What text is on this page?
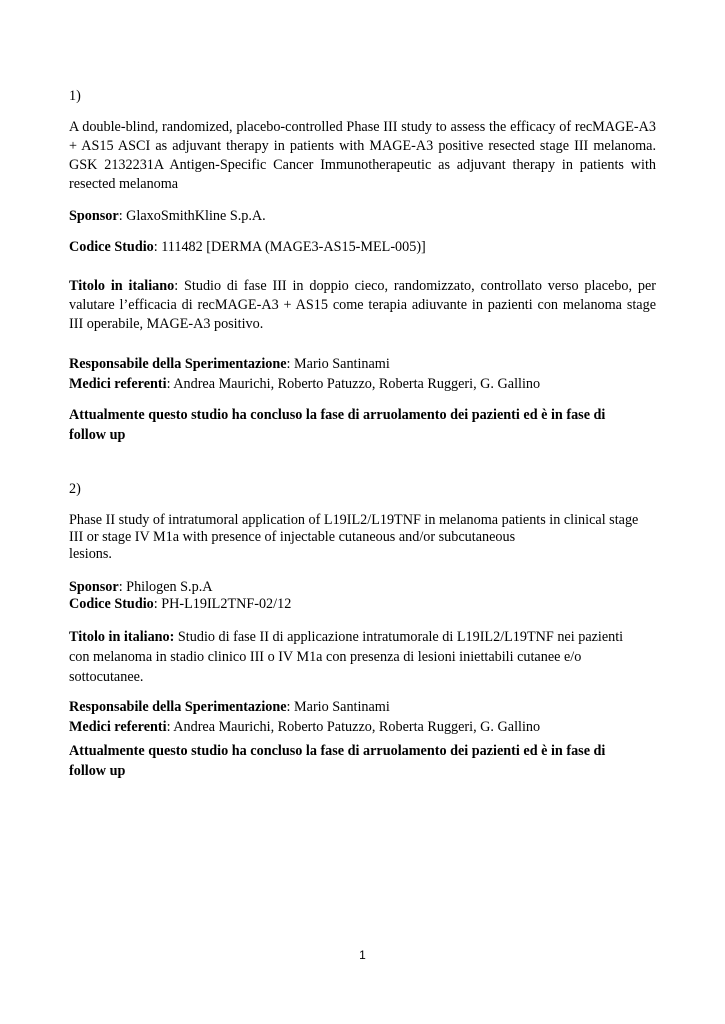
1)
A double-blind, randomized, placebo-controlled Phase III study to assess the efficacy of recMAGE-A3 + AS15 ASCI as adjuvant therapy in patients with MAGE-A3 positive resected stage III melanoma. GSK 2132231A Antigen-Specific Cancer Immunotherapeutic as adjuvant therapy in patients with resected melanoma
Sponsor: GlaxoSmithKline S.p.A.
Codice Studio: 111482 [DERMA (MAGE3-AS15-MEL-005)]
Titolo in italiano: Studio di fase III in doppio cieco, randomizzato, controllato verso placebo, per valutare l’efficacia di recMAGE-A3 + AS15 come terapia adiuvante in pazienti con melanoma stage III operabile, MAGE-A3 positivo.
Responsabile della Sperimentazione: Mario Santinami
Medici referenti: Andrea Maurichi, Roberto Patuzzo, Roberta Ruggeri, G. Gallino
Attualmente questo studio ha concluso la fase di arruolamento dei pazienti ed è in fase di
follow up
2)
Phase II study of intratumoral application of L19IL2/L19TNF in melanoma patients in clinical stage
III or stage IV M1a with presence of injectable cutaneous and/or subcutaneous
lesions.
Sponsor: Philogen S.p.A
Codice Studio: PH-L19IL2TNF-02/12
Titolo in italiano: Studio di fase II di applicazione intratumorale di L19IL2/L19TNF nei pazienti
con melanoma in stadio clinico III o IV M1a con presenza di lesioni iniettabili cutanee e/o
sottocutanee.
Responsabile della Sperimentazione: Mario Santinami
Medici referenti: Andrea Maurichi, Roberto Patuzzo, Roberta Ruggeri, G. Gallino
Attualmente questo studio ha concluso la fase di arruolamento dei pazienti ed è in fase di
follow up
1
